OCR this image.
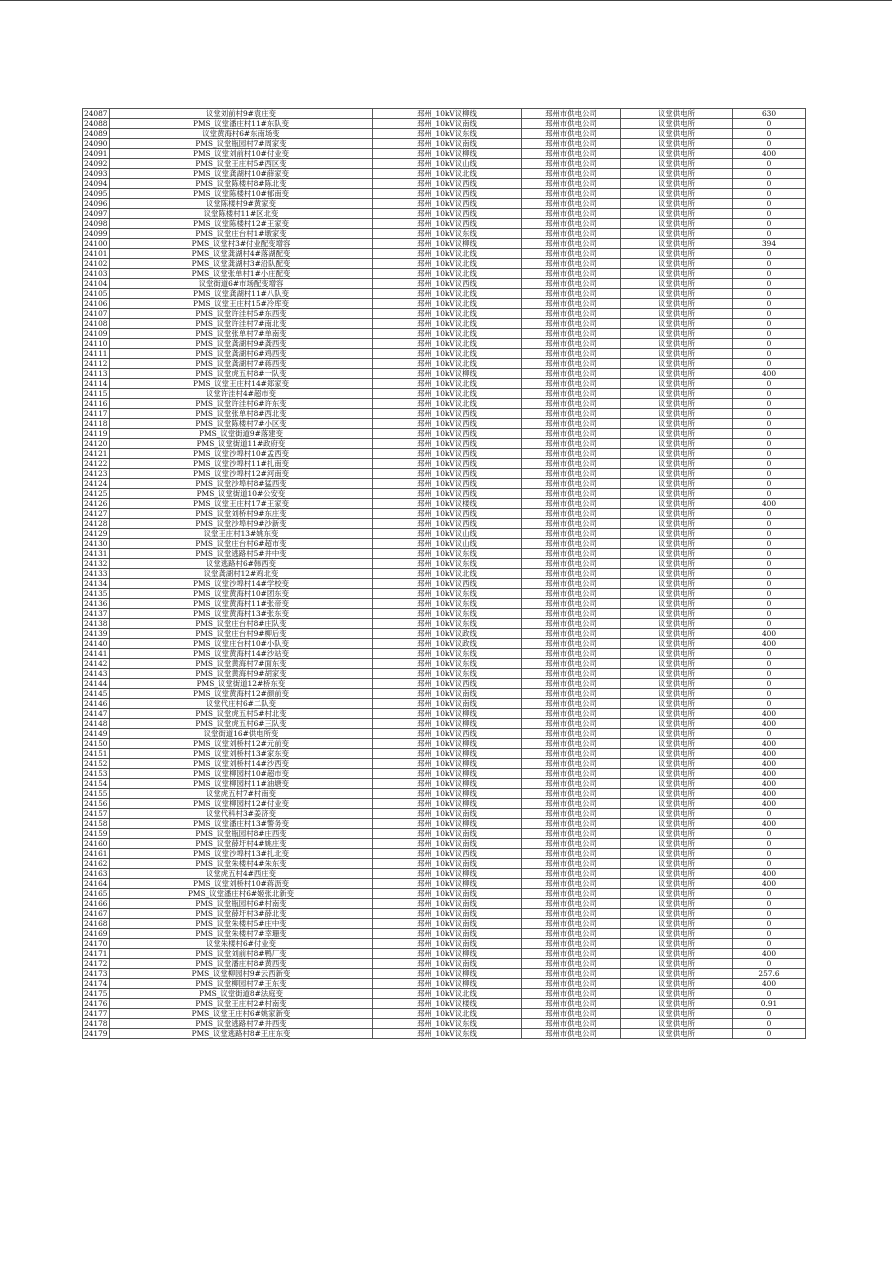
24087	议堂刘前村9#袁庄变	邳州_10kV议柳线	邳州市供电公司	议堂供电所	630
24088	PMS_议堂潘庄村11#东队变	邳州_10kV议南线	邳州市供电公司	议堂供电所	0
24089	议堂黄海村6#东南场变	邳州_10kV议东线	邳州市供电公司	议堂供电所	0
24090	PMS_议堂瓶园村7#周家变	邳州_10kV议南线	邳州市供电公司	议堂供电所	0
24091	PMS_议堂刘前村10#付业变	邳州_10kV议柳线	邳州市供电公司	议堂供电所	400
24092	PMS_议堂王庄村5#西区变	邳州_10kV议山线	邳州市供电公司	议堂供电所	0
24093	PMS_议堂龚湖村10#薛家变	邳州_10kV议北线	邳州市供电公司	议堂供电所	0
24094	PMS_议堂陈楼村8#陈北变	邳州_10kV议西线	邳州市供电公司	议堂供电所	0
24095	PMS_议堂陈楼村10#郁南变	邳州_10kV议西线	邳州市供电公司	议堂供电所	0
24096	议堂陈楼村9#黄家变	邳州_10kV议西线	邳州市供电公司	议堂供电所	0
24097	议堂陈楼村11#区北变	邳州_10kV议西线	邳州市供电公司	议堂供电所	0
24098	PMS_议堂陈楼村12#王家变	邳州_10kV议西线	邳州市供电公司	议堂供电所	0
24099	PMS_议堂庄台村1#墩家变	邳州_10kV议东线	邳州市供电公司	议堂供电所	0
24100	PMS_议堂村3#付业配变增容	邳州_10kV议柳线	邳州市供电公司	议堂供电所	394
24101	PMS_议堂龚湖村4#落湖配变	邳州_10kV议北线	邳州市供电公司	议堂供电所	0
24102	PMS_议堂龚湖村3#沿队配变	邳州_10kV议北线	邳州市供电公司	议堂供电所	0
24103	PMS_议堂张单村1#小庄配变	邳州_10kV议北线	邳州市供电公司	议堂供电所	0
24104	议堂街道6#市场配变增容	邳州_10kV议西线	邳州市供电公司	议堂供电所	0
24105	PMS_议堂龚湖村11#八队变	邳州_10kV议北线	邳州市供电公司	议堂供电所	0
24106	PMS_议堂王庄村15#冷库变	邳州_10kV议北线	邳州市供电公司	议堂供电所	0
24107	PMS_议堂许洼村5#东西变	邳州_10kV议北线	邳州市供电公司	议堂供电所	0
24108	PMS_议堂许洼村7#南北变	邳州_10kV议北线	邳州市供电公司	议堂供电所	0
24109	PMS_议堂张单村7#单南变	邳州_10kV议北线	邳州市供电公司	议堂供电所	0
24110	PMS_议堂龚湖村9#龚西变	邳州_10kV议北线	邳州市供电公司	议堂供电所	0
24111	PMS_议堂龚湖村6#鸡西变	邳州_10kV议北线	邳州市供电公司	议堂供电所	0
24112	PMS_议堂龚湖村7#蒋西变	邳州_10kV议北线	邳州市供电公司	议堂供电所	0
24113	PMS_议堂虎五村8#一队变	邳州_10kV议柳线	邳州市供电公司	议堂供电所	400
24114	PMS_议堂王庄村14#郑家变	邳州_10kV议北线	邳州市供电公司	议堂供电所	0
24115	议堂许洼村4#超市变	邳州_10kV议北线	邳州市供电公司	议堂供电所	0
24116	PMS_议堂许洼村6#许东变	邳州_10kV议北线	邳州市供电公司	议堂供电所	0
24117	PMS_议堂张单村8#西北变	邳州_10kV议西线	邳州市供电公司	议堂供电所	0
24118	PMS_议堂陈楼村7#小区变	邳州_10kV议西线	邳州市供电公司	议堂供电所	0
24119	PMS_议堂街道9#落建变	邳州_10kV议西线	邳州市供电公司	议堂供电所	0
24120	PMS_议堂街道11#政府变	邳州_10kV议西线	邳州市供电公司	议堂供电所	0
24121	PMS_议堂沙埠村10#孟西变	邳州_10kV议西线	邳州市供电公司	议堂供电所	0
24122	PMS_议堂沙埠村11#扎南变	邳州_10kV议西线	邳州市供电公司	议堂供电所	0
24123	PMS_议堂沙埠村12#河南变	邳州_10kV议西线	邳州市供电公司	议堂供电所	0
24124	PMS_议堂沙埠村8#猛西变	邳州_10kV议西线	邳州市供电公司	议堂供电所	0
24125	PMS_议堂街道10#公安变	邳州_10kV议西线	邳州市供电公司	议堂供电所	0
24126	PMS_议堂王庄村17#王家变	邳州_10kV议楼线	邳州市供电公司	议堂供电所	400
24127	PMS_议堂刘桥村9#东庄变	邳州_10kV议西线	邳州市供电公司	议堂供电所	0
24128	PMS_议堂沙埠村9#沙新变	邳州_10kV议西线	邳州市供电公司	议堂供电所	0
24129	议堂王庄村13#姚东变	邳州_10kV议山线	邳州市供电公司	议堂供电所	0
24130	PMS_议堂庄台村6#超市变	邳州_10kV议山线	邳州市供电公司	议堂供电所	0
24131	PMS_议堂逃路村5#井中变	邳州_10kV议东线	邳州市供电公司	议堂供电所	0
24132	议堂逃路村6#韩西变	邳州_10kV议东线	邳州市供电公司	议堂供电所	0
24133	议堂龚湖村12#鸡北变	邳州_10kV议北线	邳州市供电公司	议堂供电所	0
24134	PMS_议堂沙埠村14#学校变	邳州_10kV议西线	邳州市供电公司	议堂供电所	0
24135	PMS_议堂黄海村10#团东变	邳州_10kV议东线	邳州市供电公司	议堂供电所	0
24136	PMS_议堂黄海村11#张帝变	邳州_10kV议东线	邳州市供电公司	议堂供电所	0
24137	PMS_议堂黄海村13#张东变	邳州_10kV议东线	邳州市供电公司	议堂供电所	0
24138	PMS_议堂庄台村8#庄队变	邳州_10kV议东线	邳州市供电公司	议堂供电所	0
24139	PMS_议堂庄台村9#柳后变	邳州_10kV议政线	邳州市供电公司	议堂供电所	400
24140	PMS_议堂庄台村10#小队变	邳州_10kV议政线	邳州市供电公司	议堂供电所	400
24141	PMS_议堂黄海村14#沙站变	邳州_10kV议东线	邳州市供电公司	议堂供电所	0
24142	PMS_议堂黄海村7#面东变	邳州_10kV议东线	邳州市供电公司	议堂供电所	0
24143	PMS_议堂黄海村9#胡家变	邳州_10kV议东线	邳州市供电公司	议堂供电所	0
24144	PMS_议堂街道12#桥东变	邳州_10kV议西线	邳州市供电公司	议堂供电所	0
24145	PMS_议堂黄海村12#颜前变	邳州_10kV议南线	邳州市供电公司	议堂供电所	0
24146	议堂代庄村6#二队变	邳州_10kV议南线	邳州市供电公司	议堂供电所	0
24147	PMS_议堂虎五村5#村北变	邳州_10kV议柳线	邳州市供电公司	议堂供电所	400
24148	PMS_议堂虎五村6#三队变	邳州_10kV议柳线	邳州市供电公司	议堂供电所	400
24149	议堂街道16#供电所变	邳州_10kV议西线	邳州市供电公司	议堂供电所	0
24150	PMS_议堂刘桥村12#元前变	邳州_10kV议柳线	邳州市供电公司	议堂供电所	400
24151	PMS_议堂刘桥村13#家东变	邳州_10kV议柳线	邳州市供电公司	议堂供电所	400
24152	PMS_议堂刘桥村14#沙西变	邳州_10kV议柳线	邳州市供电公司	议堂供电所	400
24153	PMS_议堂柳园村10#超市变	邳州_10kV议柳线	邳州市供电公司	议堂供电所	400
24154	PMS_议堂柳园村11#油塘变	邳州_10kV议柳线	邳州市供电公司	议堂供电所	400
24155	议堂虎五村7#村南变	邳州_10kV议柳线	邳州市供电公司	议堂供电所	400
24156	PMS_议堂柳园村12#付业变	邳州_10kV议柳线	邳州市供电公司	议堂供电所	400
24157	议堂代科村3#姜济变	邳州_10kV议南线	邳州市供电公司	议堂供电所	0
24158	PMS_议堂潘庄村13#警务变	邳州_10kV议柳线	邳州市供电公司	议堂供电所	400
24159	PMS_议堂瓶园村8#庄西变	邳州_10kV议南线	邳州市供电公司	议堂供电所	0
24160	PMS_议堂薛圩村4#姚庄变	邳州_10kV议南线	邳州市供电公司	议堂供电所	0
24161	PMS_议堂沙埠村13#扎北变	邳州_10kV议西线	邳州市供电公司	议堂供电所	0
24162	PMS_议堂朱楼村4#朱东变	邳州_10kV议南线	邳州市供电公司	议堂供电所	0
24163	议堂虎五村4#西庄变	邳州_10kV议柳线	邳州市供电公司	议堂供电所	400
24164	PMS_议堂刘桥村10#蒋沥变	邳州_10kV议柳线	邳州市供电公司	议堂供电所	400
24165	PMS_议堂潘庄村6#姬张北新变	邳州_10kV议南线	邳州市供电公司	议堂供电所	0
24166	PMS_议堂瓶园村6#村南变	邳州_10kV议南线	邳州市供电公司	议堂供电所	0
24167	PMS_议堂薛圩村3#薛北变	邳州_10kV议南线	邳州市供电公司	议堂供电所	0
24168	PMS_议堂朱楼村5#庄中变	邳州_10kV议南线	邳州市供电公司	议堂供电所	0
24169	PMS_议堂朱楼村7#幸珊变	邳州_10kV议南线	邳州市供电公司	议堂供电所	0
24170	议堂朱楼村6#付业变	邳州_10kV议南线	邳州市供电公司	议堂供电所	0
24171	PMS_议堂刘前村8#鸭厂变	邳州_10kV议柳线	邳州市供电公司	议堂供电所	400
24172	PMS_议堂潘庄村8#黄西变	邳州_10kV议南线	邳州市供电公司	议堂供电所	0
24173	PMS_议堂柳园村9#云西新变	邳州_10kV议柳线	邳州市供电公司	议堂供电所	257.6
24174	PMS_议堂柳园村7#王东变	邳州_10kV议柳线	邳州市供电公司	议堂供电所	400
24175	PMS_议堂街道8#法庭变	邳州_10kV议北线	邳州市供电公司	议堂供电所	0
24176	PMS_议堂王庄村2#村南变	邳州_10kV议楼线	邳州市供电公司	议堂供电所	0.91
24177	PMS_议堂王庄村6#姚家新变	邳州_10kV议北线	邳州市供电公司	议堂供电所	0
24178	PMS_议堂逃路村7#井西变	邳州_10kV议东线	邳州市供电公司	议堂供电所	0
24179	PMS_议堂逃路村8#王庄东变	邳州_10kV议东线	邳州市供电公司	议堂供电所	0
